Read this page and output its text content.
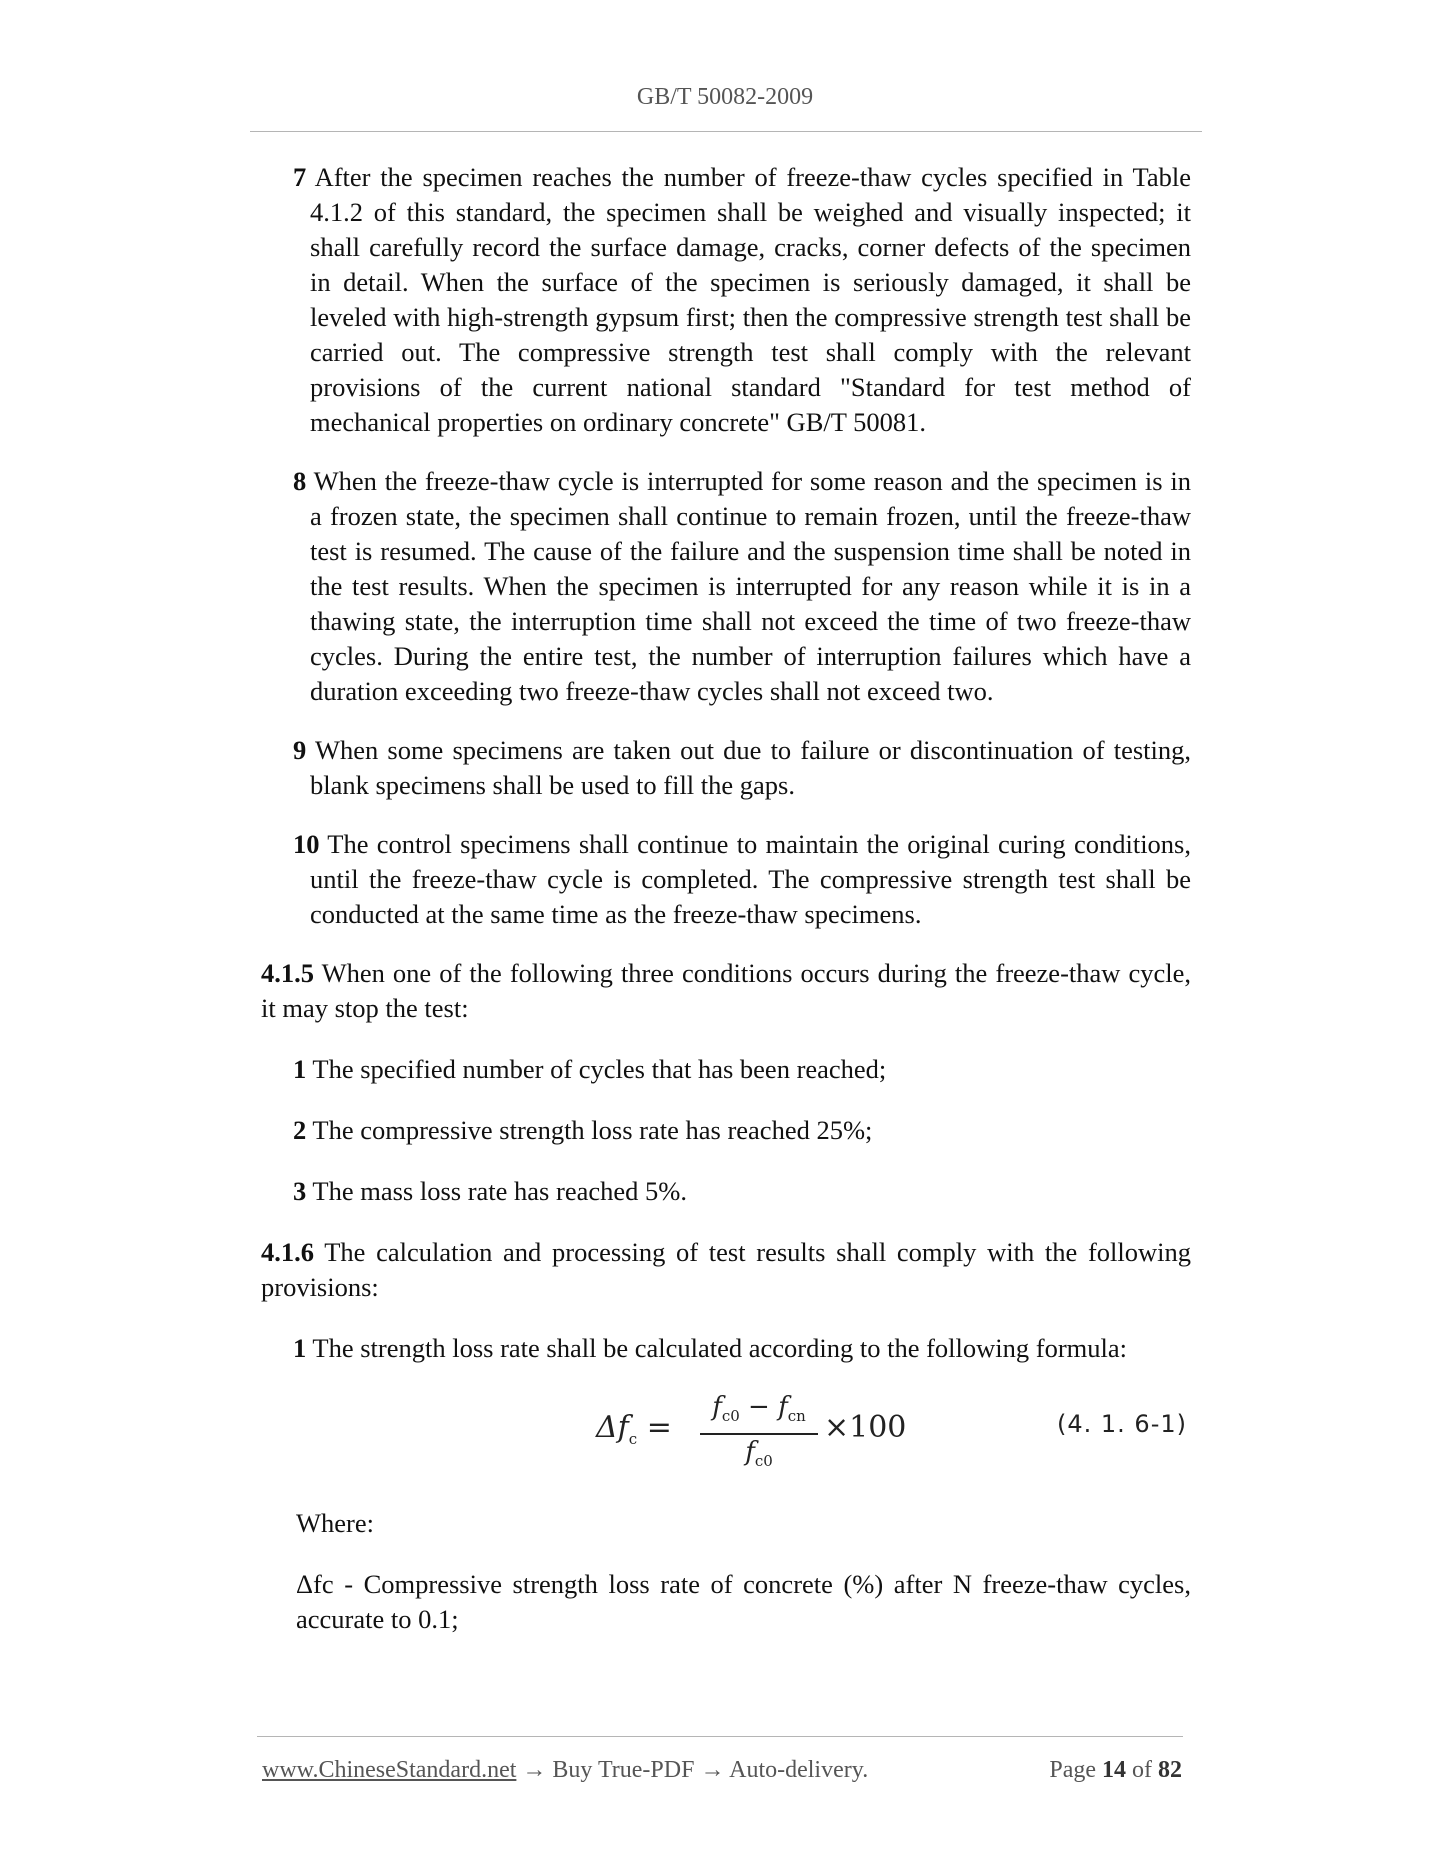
GB/T 50082-2009

7 After the specimen reaches the number of freeze-thaw cycles specified in Table 4.1.2 of this standard, the specimen shall be weighed and visually inspected; it shall carefully record the surface damage, cracks, corner defects of the specimen in detail. When the surface of the specimen is seriously damaged, it shall be leveled with high-strength gypsum first; then the compressive strength test shall be carried out. The compressive strength test shall comply with the relevant provisions of the current national standard "Standard for test method of mechanical properties on ordinary concrete" GB/T 50081.

8 When the freeze-thaw cycle is interrupted for some reason and the specimen is in a frozen state, the specimen shall continue to remain frozen, until the freeze-thaw test is resumed. The cause of the failure and the suspension time shall be noted in the test results. When the specimen is interrupted for any reason while it is in a thawing state, the interruption time shall not exceed the time of two freeze-thaw cycles. During the entire test, the number of interruption failures which have a duration exceeding two freeze-thaw cycles shall not exceed two.

9 When some specimens are taken out due to failure or discontinuation of testing, blank specimens shall be used to fill the gaps.

10 The control specimens shall continue to maintain the original curing conditions, until the freeze-thaw cycle is completed. The compressive strength test shall be conducted at the same time as the freeze-thaw specimens.

4.1.5 When one of the following three conditions occurs during the freeze-thaw cycle, it may stop the test:

1 The specified number of cycles that has been reached;

2 The compressive strength loss rate has reached 25%;

3 The mass loss rate has reached 5%.

4.1.6 The calculation and processing of test results shall comply with the following provisions:

1 The strength loss rate shall be calculated according to the following formula:

$\Delta f_c$ =
$f_{c0} - f_{cn}$
$f_{c0}$
×100	(4. 1. 6-1)

Where:

Δfc - Compressive strength loss rate of concrete (%) after N freeze-thaw cycles, accurate to 0.1;

www.ChineseStandard.net → Buy True-PDF → Auto-delivery.	Page 14 of 82
